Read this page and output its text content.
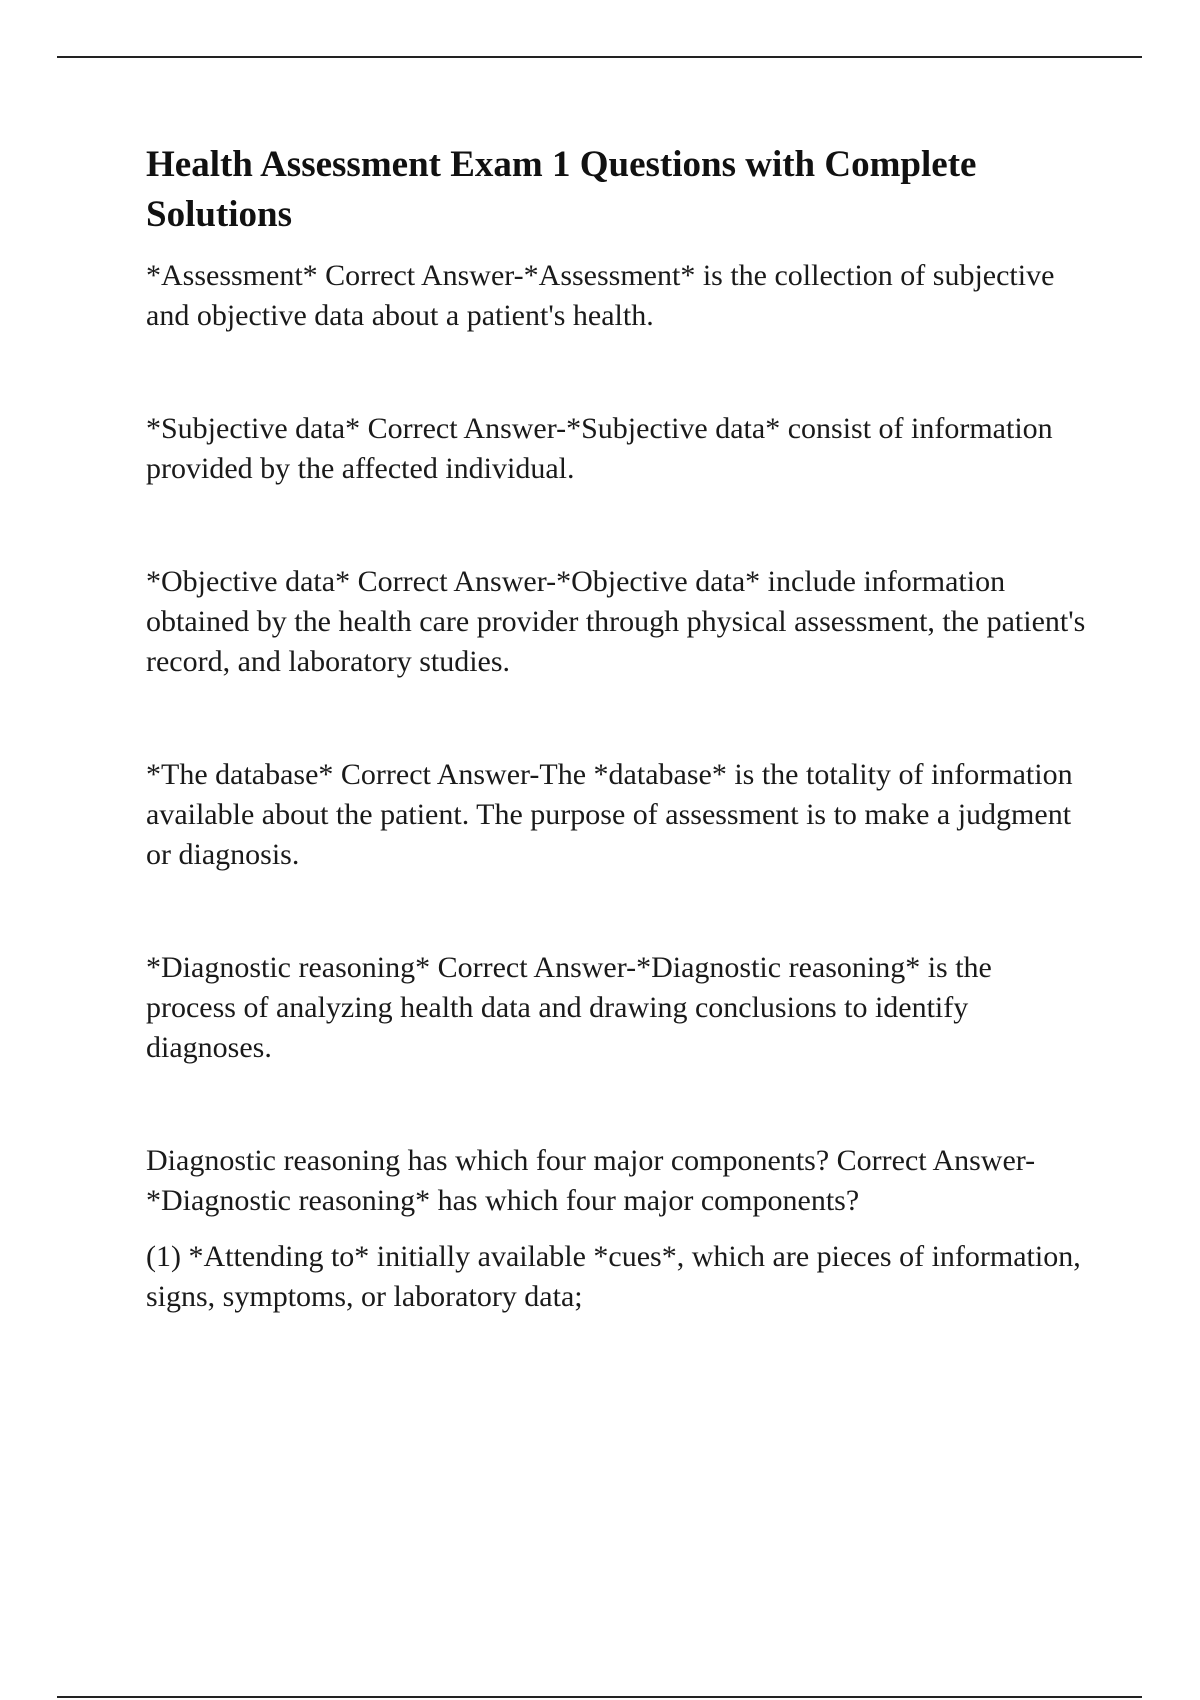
Health Assessment Exam 1 Questions with Complete Solutions

*Assessment* Correct Answer-*Assessment* is the collection of subjective and objective data about a patient's health.

*Subjective data* Correct Answer-*Subjective data* consist of information provided by the affected individual.

*Objective data* Correct Answer-*Objective data* include information obtained by the health care provider through physical assessment, the patient's record, and laboratory studies.

*The database* Correct Answer-The *database* is the totality of information available about the patient. The purpose of assessment is to make a judgment or diagnosis.

*Diagnostic reasoning* Correct Answer-*Diagnostic reasoning* is the process of analyzing health data and drawing conclusions to identify diagnoses.

Diagnostic reasoning has which four major components? Correct Answer-*Diagnostic reasoning* has which four major components?

(1) *Attending to* initially available *cues*, which are pieces of information, signs, symptoms, or laboratory data;
